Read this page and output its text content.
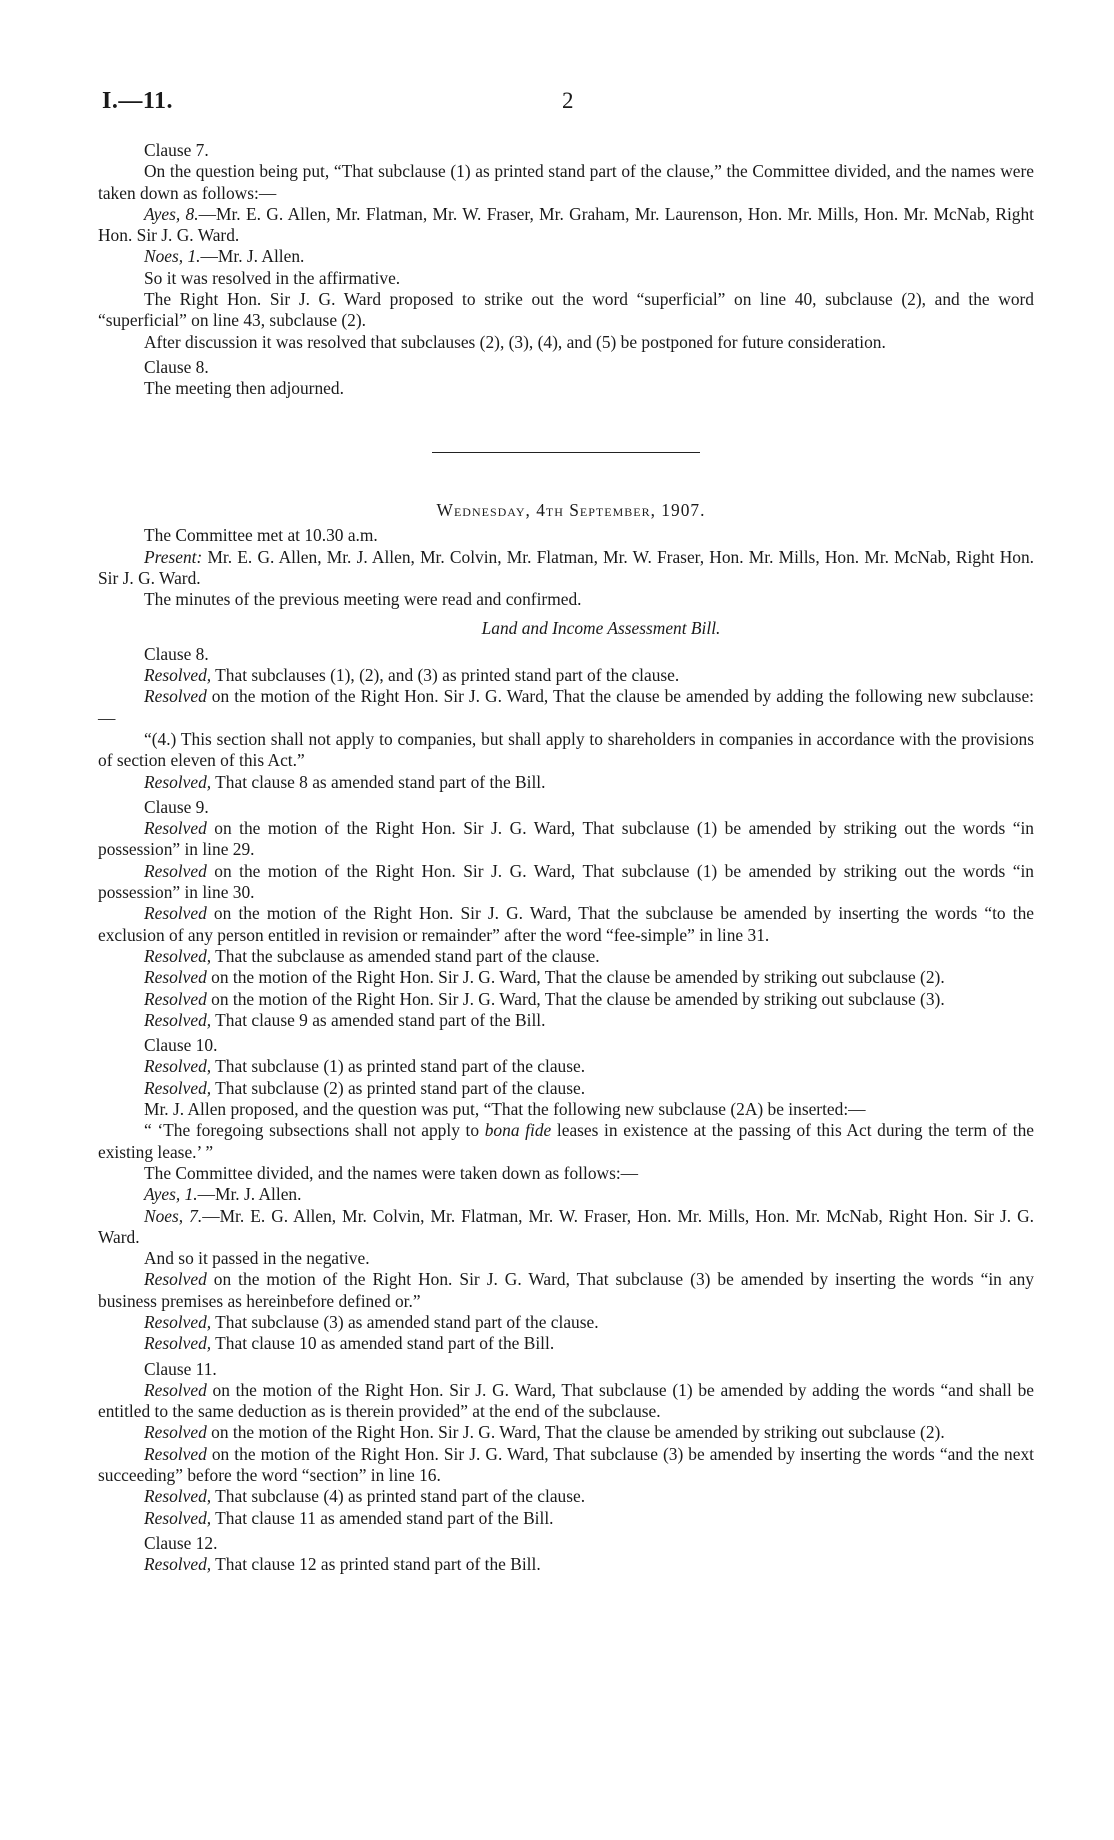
I.—11.	2

Clause 7.

On the question being put, “That subclause (1) as printed stand part of the clause,” the Committee divided, and the names were taken down as follows:—

Ayes, 8.—Mr. E. G. Allen, Mr. Flatman, Mr. W. Fraser, Mr. Graham, Mr. Laurenson, Hon. Mr. Mills, Hon. Mr. McNab, Right Hon. Sir J. G. Ward.

Noes, 1.—Mr. J. Allen.

So it was resolved in the affirmative.

The Right Hon. Sir J. G. Ward proposed to strike out the word “superficial” on line 40, subclause (2), and the word “superficial” on line 43, subclause (2).

After discussion it was resolved that subclauses (2), (3), (4), and (5) be postponed for future consideration.

Clause 8.

The meeting then adjourned.

Wednesday, 4th September, 1907.

The Committee met at 10.30 a.m.

Present: Mr. E. G. Allen, Mr. J. Allen, Mr. Colvin, Mr. Flatman, Mr. W. Fraser, Hon. Mr. Mills, Hon. Mr. McNab, Right Hon. Sir J. G. Ward.

The minutes of the previous meeting were read and confirmed.

Land and Income Assessment Bill.

Clause 8.

Resolved, That subclauses (1), (2), and (3) as printed stand part of the clause.

Resolved on the motion of the Right Hon. Sir J. G. Ward, That the clause be amended by adding the following new subclause:—

“(4.) This section shall not apply to companies, but shall apply to shareholders in companies in accordance with the provisions of section eleven of this Act.”

Resolved, That clause 8 as amended stand part of the Bill.

Clause 9.

Resolved on the motion of the Right Hon. Sir J. G. Ward, That subclause (1) be amended by striking out the words “in possession” in line 29.

Resolved on the motion of the Right Hon. Sir J. G. Ward, That subclause (1) be amended by striking out the words “in possession” in line 30.

Resolved on the motion of the Right Hon. Sir J. G. Ward, That the subclause be amended by inserting the words “to the exclusion of any person entitled in revision or remainder” after the word “fee-simple” in line 31.

Resolved, That the subclause as amended stand part of the clause.

Resolved on the motion of the Right Hon. Sir J. G. Ward, That the clause be amended by striking out subclause (2).

Resolved on the motion of the Right Hon. Sir J. G. Ward, That the clause be amended by striking out subclause (3).

Resolved, That clause 9 as amended stand part of the Bill.

Clause 10.

Resolved, That subclause (1) as printed stand part of the clause.

Resolved, That subclause (2) as printed stand part of the clause.

Mr. J. Allen proposed, and the question was put, “That the following new subclause (2A) be inserted:—

“ ‘The foregoing subsections shall not apply to bona fide leases in existence at the passing of this Act during the term of the existing lease.’ ”

The Committee divided, and the names were taken down as follows:—

Ayes, 1.—Mr. J. Allen.

Noes, 7.—Mr. E. G. Allen, Mr. Colvin, Mr. Flatman, Mr. W. Fraser, Hon. Mr. Mills, Hon. Mr. McNab, Right Hon. Sir J. G. Ward.

And so it passed in the negative.

Resolved on the motion of the Right Hon. Sir J. G. Ward, That subclause (3) be amended by inserting the words “in any business premises as hereinbefore defined or.”

Resolved, That subclause (3) as amended stand part of the clause.

Resolved, That clause 10 as amended stand part of the Bill.

Clause 11.

Resolved on the motion of the Right Hon. Sir J. G. Ward, That subclause (1) be amended by adding the words “and shall be entitled to the same deduction as is therein provided” at the end of the subclause.

Resolved on the motion of the Right Hon. Sir J. G. Ward, That the clause be amended by striking out subclause (2).

Resolved on the motion of the Right Hon. Sir J. G. Ward, That subclause (3) be amended by inserting the words “and the next succeeding” before the word “section” in line 16.

Resolved, That subclause (4) as printed stand part of the clause.

Resolved, That clause 11 as amended stand part of the Bill.

Clause 12.

Resolved, That clause 12 as printed stand part of the Bill.
